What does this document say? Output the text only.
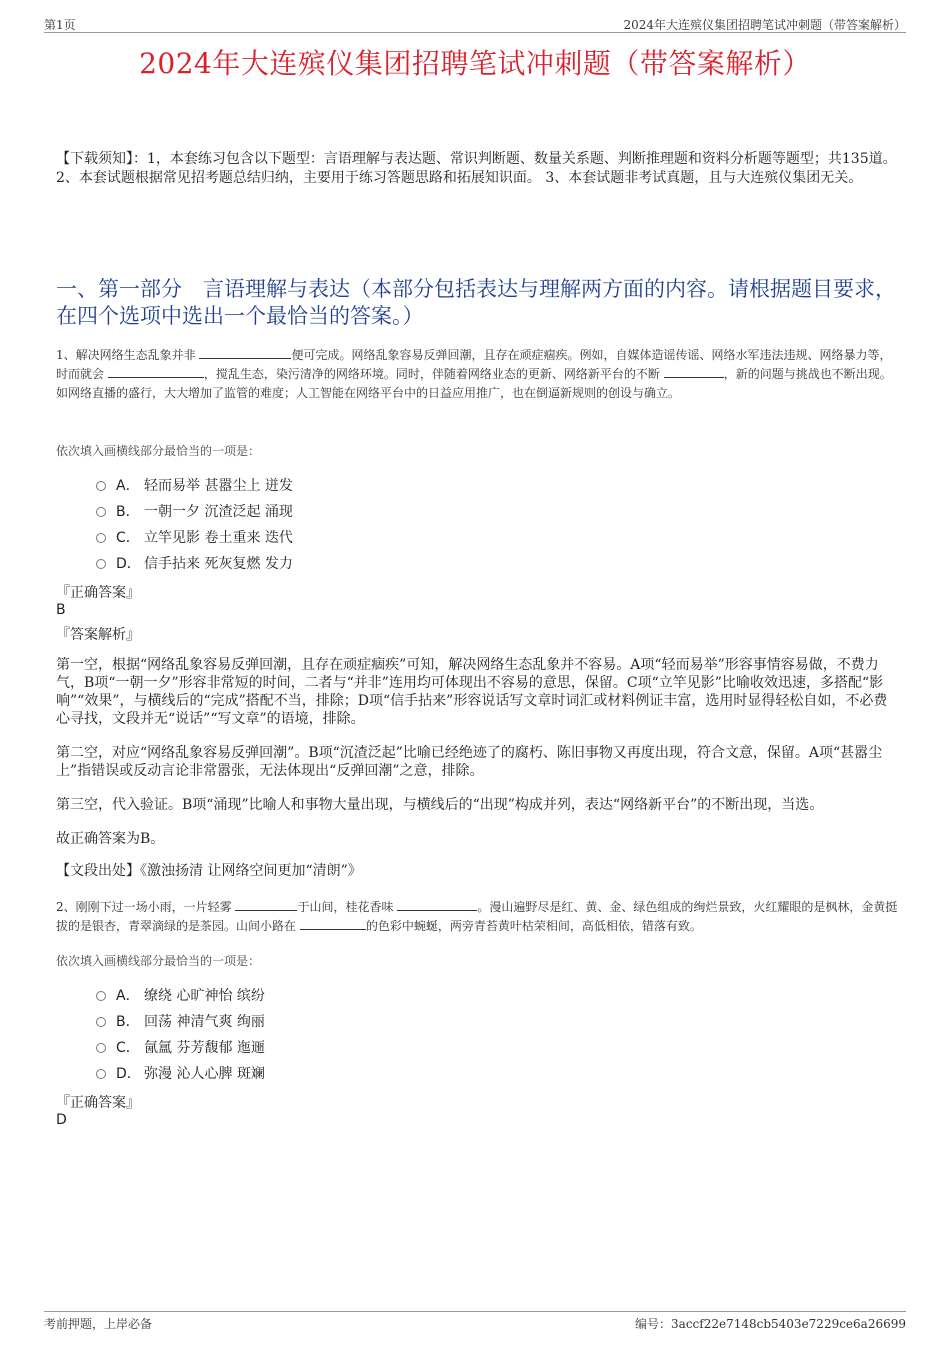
第1页	2024年大连殡仪集团招聘笔试冲刺题（带答案解析）
2024年大连殡仪集团招聘笔试冲刺题（带答案解析）
【下载须知】：1，本套练习包含以下题型：言语理解与表达题、常识判断题、数量关系题、判断推理题和资料分析题等题型；共135道。 2、本套试题根据常见招考题总结归纳，主要用于练习答题思路和拓展知识面。 3、本套试题非考试真题，且与大连殡仪集团无关。
一、第一部分　言语理解与表达（本部分包括表达与理解两方面的内容。请根据题目要求，在四个选项中选出一个最恰当的答案。）
1、解决网络生态乱象并非	便可完成。网络乱象容易反弹回潮，且存在顽症痼疾。例如，自媒体造谣传谣、网络水军违法违规、网络暴力等，时而就会	，搅乱生态，染污清净的网络环境。同时，伴随着网络业态的更新、网络新平台的不断	，新的问题与挑战也不断出现。如网络直播的盛行，大大增加了监管的难度；人工智能在网络平台中的日益应用推广，也在倒逼新规则的创设与确立。
依次填入画横线部分最恰当的一项是：
A． 轻而易举 甚嚣尘上 迸发
B． 一朝一夕 沉渣泛起 涌现
C． 立竿见影 卷土重来 迭代
D． 信手拈来 死灰复燃 发力
『正确答案』
B
『答案解析』
第一空，根据“网络乱象容易反弹回潮，且存在顽症痼疾”可知，解决网络生态乱象并不容易。A项“轻而易举”形容事情容易做，不费力气，B项“一朝一夕”形容非常短的时间，二者与“并非”连用均可体现出不容易的意思，保留。C项“立竿见影”比喻收效迅速，多搭配“影响”“效果”，与横线后的“完成”搭配不当，排除；D项“信手拈来”形容说话写文章时词汇或材料例证丰富，选用时显得轻松自如，不必费心寻找，文段并无“说话”“写文章”的语境，排除。
第二空，对应“网络乱象容易反弹回潮”。B项“沉渣泛起”比喻已经绝迹了的腐朽、陈旧事物又再度出现，符合文意，保留。A项“甚嚣尘上”指错误或反动言论非常嚣张，无法体现出“反弹回潮”之意，排除。
第三空，代入验证。B项“涌现”比喻人和事物大量出现，与横线后的“出现”构成并列，表达“网络新平台”的不断出现，当选。
故正确答案为B。
【文段出处】《激浊扬清 让网络空间更加“清朗”》
2、刚刚下过一场小雨，一片轻雾	于山间，桂花香味	。漫山遍野尽是红、黄、金、绿色组成的绚烂景致，火红耀眼的是枫林，金黄挺拔的是银杏，青翠滴绿的是茶园。山间小路在	的色彩中蜿蜒，两旁青苔黄叶枯荣相间，高低相依，错落有致。
依次填入画横线部分最恰当的一项是：
A． 缭绕 心旷神怡 缤纷
B． 回荡 神清气爽 绚丽
C． 氤氲 芬芳馥郁 迤逦
D． 弥漫 沁人心脾 斑斓
『正确答案』
D
考前押题，上岸必备	编号：3accf22e7148cb5403e7229ce6a26699
